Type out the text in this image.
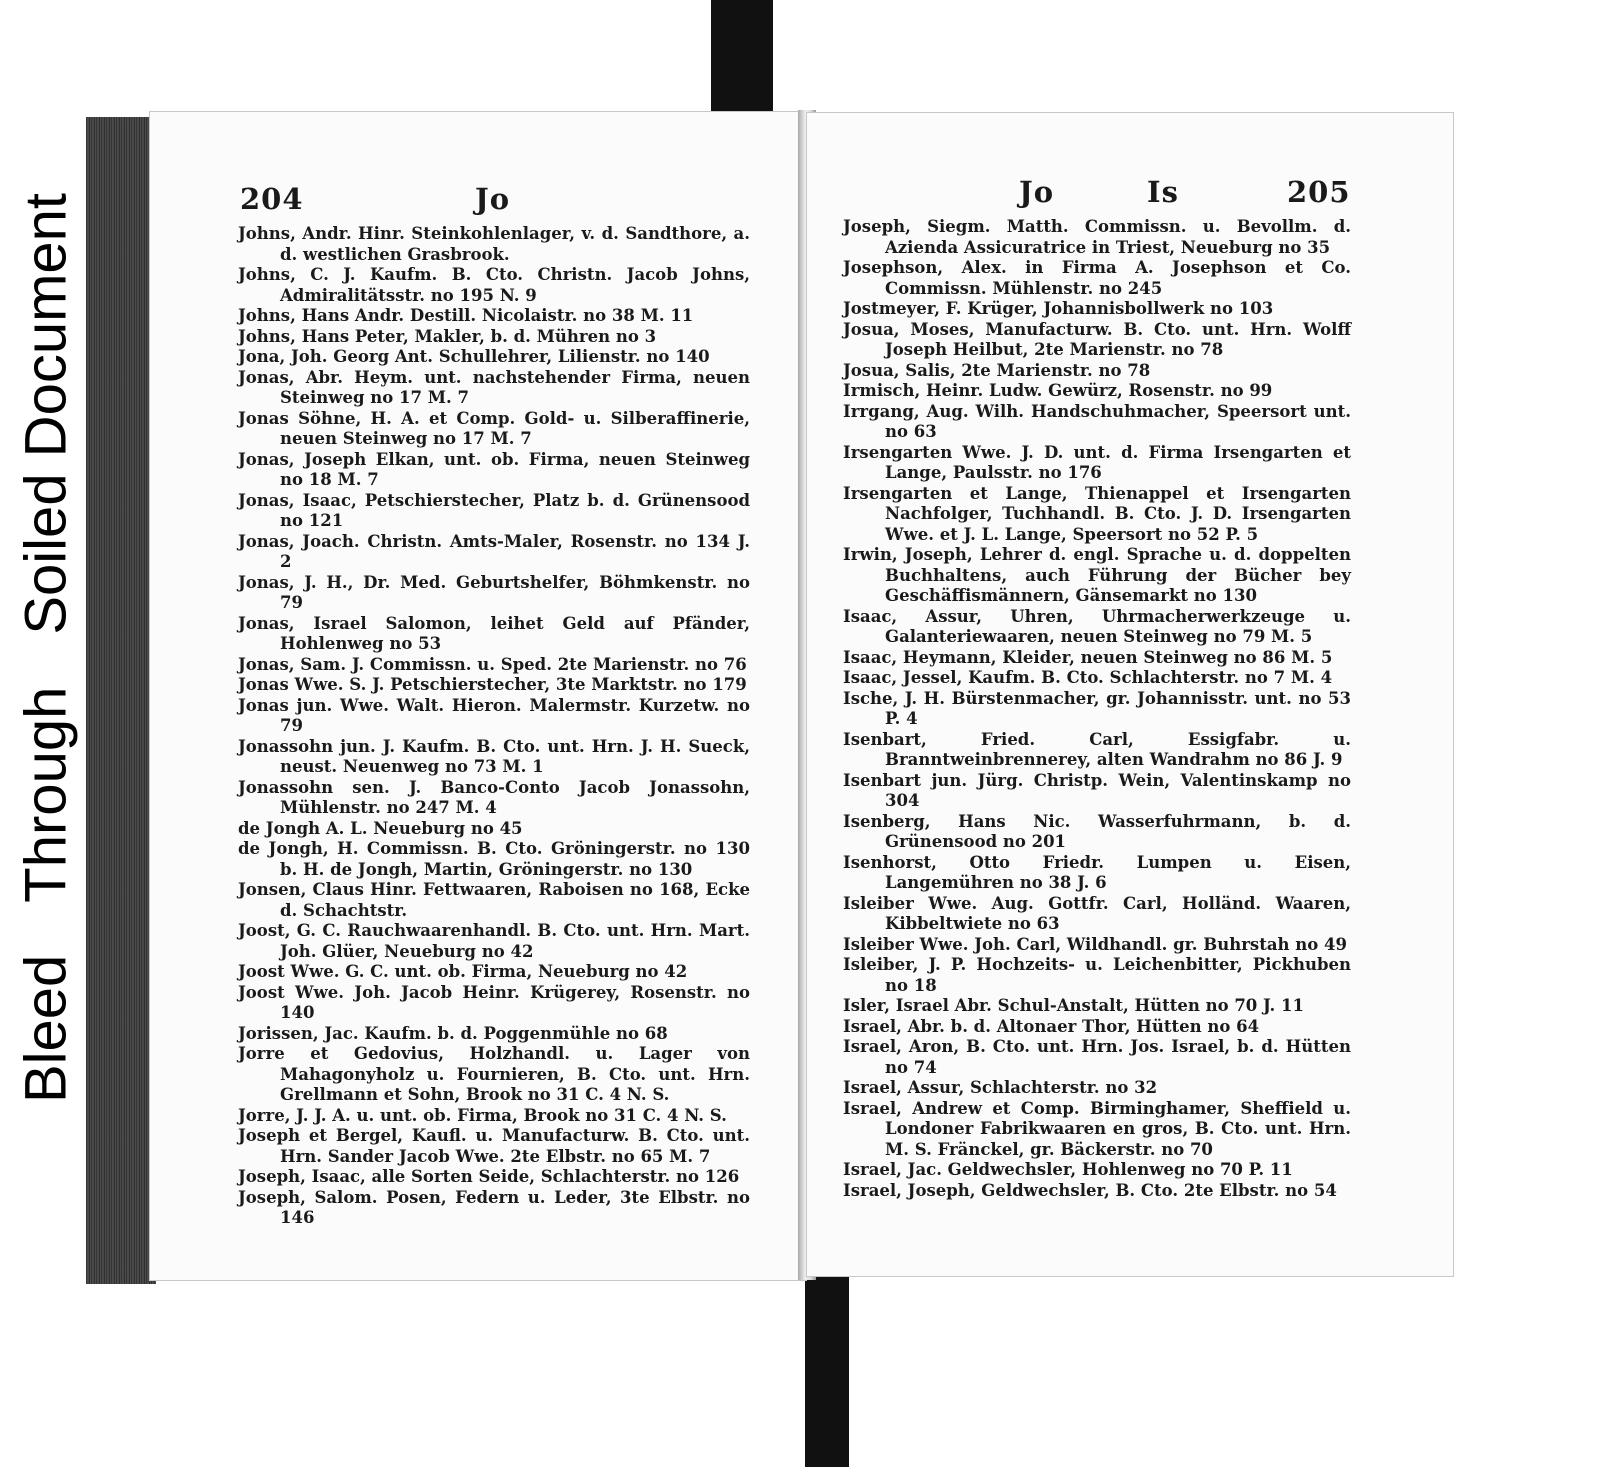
BleedThroughSoiled Document	204	Jo
Johns, Andr. Hinr. Steinkohlenlager, v. d. Sandthore, a. d. westlichen Grasbrook.
Johns, C. J. Kaufm. B. Cto. Christn. Jacob Johns, Admiralitätsstr. no 195 N. 9
Johns, Hans Andr. Destill. Nicolaistr. no 38 M. 11
Johns, Hans Peter, Makler, b. d. Mühren no 3
Jona, Joh. Georg Ant. Schullehrer, Lilienstr. no 140
Jonas, Abr. Heym. unt. nachstehender Firma, neuen Steinweg no 17 M. 7
Jonas Söhne, H. A. et Comp. Gold- u. Silberaffinerie, neuen Steinweg no 17 M. 7
Jonas, Joseph Elkan, unt. ob. Firma, neuen Steinweg no 18 M. 7
Jonas, Isaac, Petschierstecher, Platz b. d. Grünensood no 121
Jonas, Joach. Christn. Amts-Maler, Rosenstr. no 134 J. 2
Jonas, J. H., Dr. Med. Geburtshelfer, Böhmkenstr. no 79
Jonas, Israel Salomon, leihet Geld auf Pfänder, Hohlenweg no 53
Jonas, Sam. J. Commissn. u. Sped. 2te Marienstr. no 76
Jonas Wwe. S. J. Petschierstecher, 3te Marktstr. no 179
Jonas jun. Wwe. Walt. Hieron. Malermstr. Kurzetw. no 79
Jonassohn jun. J. Kaufm. B. Cto. unt. Hrn. J. H. Sueck, neust. Neuenweg no 73 M. 1
Jonassohn sen. J. Banco-Conto Jacob Jonassohn, Mühlenstr. no 247 M. 4
de Jongh A. L. Neueburg no 45
de Jongh, H. Commissn. B. Cto. Gröningerstr. no 130 b. H. de Jongh, Martin, Gröningerstr. no 130
Jonsen, Claus Hinr. Fettwaaren, Raboisen no 168, Ecke d. Schachtstr.
Joost, G. C. Rauchwaarenhandl. B. Cto. unt. Hrn. Mart. Joh. Glüer, Neueburg no 42
Joost Wwe. G. C. unt. ob. Firma, Neueburg no 42
Joost Wwe. Joh. Jacob Heinr. Krügerey, Rosenstr. no 140
Jorissen, Jac. Kaufm. b. d. Poggenmühle no 68
Jorre et Gedovius, Holzhandl. u. Lager von Mahagonyholz u. Fournieren, B. Cto. unt. Hrn. Grellmann et Sohn, Brook no 31 C. 4 N. S.
Jorre, J. J. A. u. unt. ob. Firma, Brook no 31 C. 4 N. S.
Joseph et Bergel, Kaufl. u. Manufacturw. B. Cto. unt. Hrn. Sander Jacob Wwe. 2te Elbstr. no 65 M. 7
Joseph, Isaac, alle Sorten Seide, Schlachterstr. no 126
Joseph, Salom. Posen, Federn u. Leder, 3te Elbstr. no 146
Jo	Is	205
Joseph, Siegm. Matth. Commissn. u. Bevollm. d. Azienda Assicuratrice in Triest, Neueburg no 35
Josephson, Alex. in Firma A. Josephson et Co. Commissn. Mühlenstr. no 245
Jostmeyer, F. Krüger, Johannisbollwerk no 103
Josua, Moses, Manufacturw. B. Cto. unt. Hrn. Wolff Joseph Heilbut, 2te Marienstr. no 78
Josua, Salis, 2te Marienstr. no 78
Irmisch, Heinr. Ludw. Gewürz, Rosenstr. no 99
Irrgang, Aug. Wilh. Handschuhmacher, Speersort unt. no 63
Irsengarten Wwe. J. D. unt. d. Firma Irsengarten et Lange, Paulsstr. no 176
Irsengarten et Lange, Thienappel et Irsengarten Nachfolger, Tuchhandl. B. Cto. J. D. Irsengarten Wwe. et J. L. Lange, Speersort no 52 P. 5
Irwin, Joseph, Lehrer d. engl. Sprache u. d. doppelten Buchhaltens, auch Führung der Bücher bey Geschäffismännern, Gänsemarkt no 130
Isaac, Assur, Uhren, Uhrmacherwerkzeuge u. Galanteriewaaren, neuen Steinweg no 79 M. 5
Isaac, Heymann, Kleider, neuen Steinweg no 86 M. 5
Isaac, Jessel, Kaufm. B. Cto. Schlachterstr. no 7 M. 4
Ische, J. H. Bürstenmacher, gr. Johannisstr. unt. no 53 P. 4
Isenbart, Fried. Carl, Essigfabr. u. Branntweinbrennerey, alten Wandrahm no 86 J. 9
Isenbart jun. Jürg. Christp. Wein, Valentinskamp no 304
Isenberg, Hans Nic. Wasserfuhrmann, b. d. Grünensood no 201
Isenhorst, Otto Friedr. Lumpen u. Eisen, Langemühren no 38 J. 6
Isleiber Wwe. Aug. Gottfr. Carl, Holländ. Waaren, Kibbeltwiete no 63
Isleiber Wwe. Joh. Carl, Wildhandl. gr. Buhrstah no 49
Isleiber, J. P. Hochzeits- u. Leichenbitter, Pickhuben no 18
Isler, Israel Abr. Schul-Anstalt, Hütten no 70 J. 11
Israel, Abr. b. d. Altonaer Thor, Hütten no 64
Israel, Aron, B. Cto. unt. Hrn. Jos. Israel, b. d. Hütten no 74
Israel, Assur, Schlachterstr. no 32
Israel, Andrew et Comp. Birminghamer, Sheffield u. Londoner Fabrikwaaren en gros, B. Cto. unt. Hrn. M. S. Fränckel, gr. Bäckerstr. no 70
Israel, Jac. Geldwechsler, Hohlenweg no 70 P. 11
Israel, Joseph, Geldwechsler, B. Cto. 2te Elbstr. no 54
